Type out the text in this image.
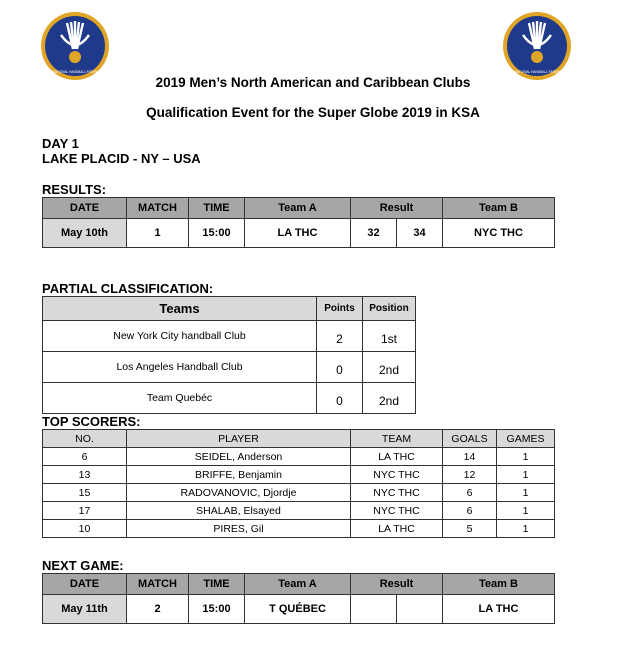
INTERNATIONAL HANDBALL FEDERATION	INTERNATIONAL HANDBALL FEDERATION
2019 Men’s North American and Caribbean Clubs
Qualification Event for the Super Globe 2019 in KSA
DAY 1
LAKE PLACID - NY – USA
RESULTS:
DATE	MATCH	TIME	Team A	Result		Team B
May 10th	1	15:00	LA THC	32	34	NYC THC
PARTIAL CLASSIFICATION:
Teams	Points	Position
New York City handball Club	2	1st
Los Angeles Handball Club	0	2nd
Team Quebéc	0	2nd
TOP SCORERS:
NO.	PLAYER	TEAM	GOALS	GAMES
6	SEIDEL, Anderson	LA THC	14	1
13	BRIFFE, Benjamin	NYC THC	12	1
15	RADOVANOVIC, Djordje	NYC THC	6	1
17	SHALAB, Elsayed	NYC THC	6	1
10	PIRES, Gil	LA THC	5	1
NEXT GAME:
DATE	MATCH	TIME	Team A	Result		Team B
May 11th	2	15:00	T QUÉBEC			LA THC
